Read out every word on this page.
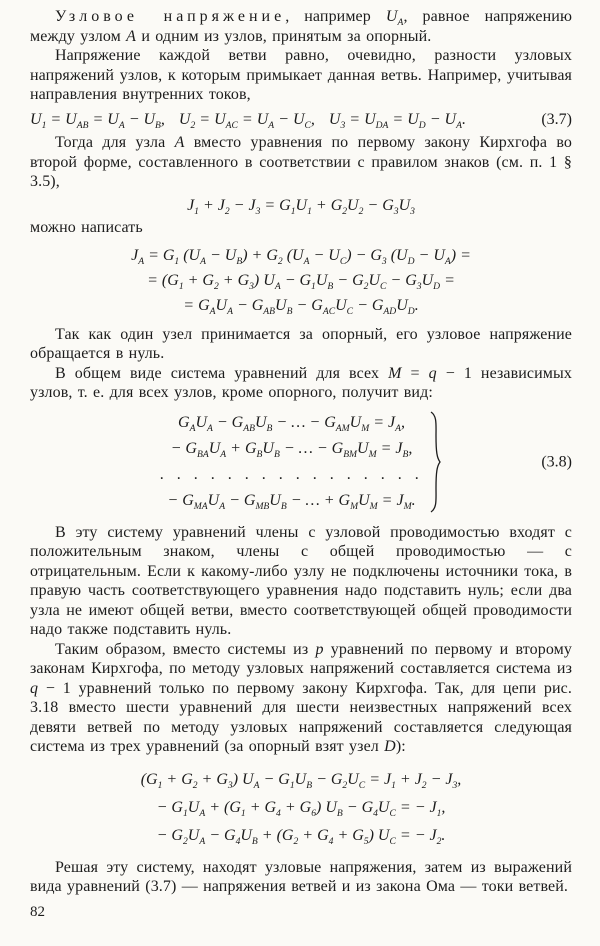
Узловое напряжение, например $U_A$, равное напряжению между узлом A и одним из узлов, принятым за опорный.

Напряжение каждой ветви равно, очевидно, разности узловых напряжений узлов, к которым примыкает данная ветвь. Например, учитывая направления внутренних токов,

$U_1 = U_{AB} = U_A - U_B$, $U_2 = U_{AC} = U_A - U_C$, $U_3 = U_{DA} = U_D - U_A$.	(3.7)

Тогда для узла A вместо уравнения по первому закону Кирхгофа во второй форме, составленного в соответствии с правилом знаков (см. п. 1 § 3.5),

$J_1 + J_2 - J_3 = G_1U_1 + G_2U_2 - G_3U_3$

можно написать

$J_A = G_1$ $(U_A - U_B) + G_2$ $(U_A - U_C) - G_3$ $(U_D - U_A)$ =
= $(G_1 + G_2 + G_3) U_A - G_1U_B - G_2U_C - G_3U_D$ =
= $G_AU_A - G_{AB}U_B - G_{AC}U_C - G_{AD}U_D$.

Так как один узел принимается за опорный, его узловое напряжение обращается в нуль.

В общем виде система уравнений для всех M = q − 1 независимых узлов, т. е. для всех узлов, кроме опорного, получит вид:

$G_AU_A - G_{AB}U_B$ − … − $G_{AM}U_M = J_A$,
− $G_{BA}U_A + G_BU_B$ − … − $G_{BM}U_M = J_B$,
. . . . . . . . . . . . . . . .
− $G_{MA}U_A - G_{MB}U_B$ − … + $G_MU_M = J_M$.
(3.8)

В эту систему уравнений члены с узловой проводимостью входят с положительным знаком, члены с общей проводимостью — с отрицательным. Если к какому-либо узлу не подключены источники тока, в правую часть соответствующего уравнения надо подставить нуль; если два узла не имеют общей ветви, вместо соответствующей общей проводимости надо также подставить нуль.

Таким образом, вместо системы из p уравнений по первому и второму законам Кирхгофа, по методу узловых напряжений составляется система из q − 1 уравнений только по первому закону Кирхгофа. Так, для цепи рис. 3.18 вместо шести уравнений для шести неизвестных напряжений всех девяти ветвей по методу узловых напряжений составляется следующая система из трех уравнений (за опорный взят узел D):

$(G_1 + G_2 + G_3) U_A - G_1U_B - G_2U_C = J_1 + J_2 - J_3$,
− $G_1U_A + (G_1 + G_4 + G_6) U_B - G_4U_C$ = − $J_1$,
− $G_2U_A - G_4U_B + (G_2 + G_4 + G_5) U_C$ = − $J_2$.

Решая эту систему, находят узловые напряжения, затем из выражений вида уравнений (3.7) — напряжения ветвей и из закона Ома — токи ветвей.

82
